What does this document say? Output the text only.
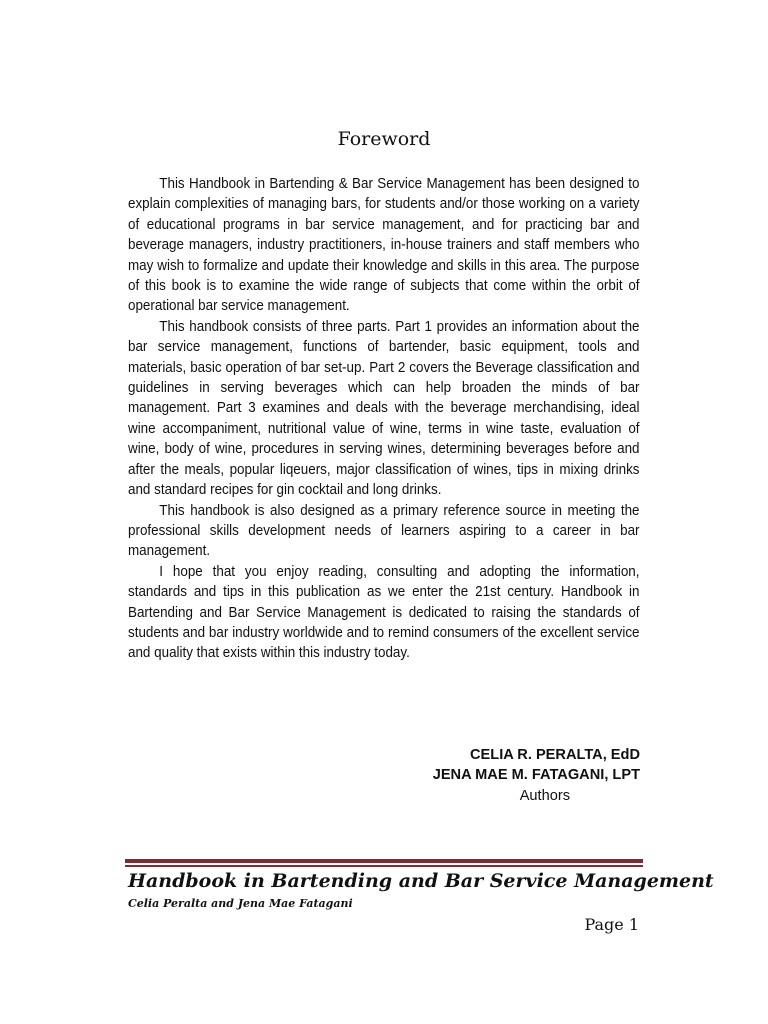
Foreword

This Handbook in Bartending & Bar Service Management has been designed to explain complexities of managing bars, for students and/or those working on a variety of educational programs in bar service management, and for practicing bar and beverage managers, industry practitioners, in-house trainers and staff members who may wish to formalize and update their knowledge and skills in this area. The purpose of this book is to examine the wide range of subjects that come within the orbit of operational bar service management.

This handbook consists of three parts. Part 1 provides an information about the bar service management, functions of bartender, basic equipment, tools and materials, basic operation of bar set-up. Part 2 covers the Beverage classification and guidelines in serving beverages which can help broaden the minds of bar management. Part 3 examines and deals with the beverage merchandising, ideal wine accompaniment, nutritional value of wine, terms in wine taste, evaluation of wine, body of wine, procedures in serving wines, determining beverages before and after the meals, popular liqeuers, major classification of wines, tips in mixing drinks and standard recipes for gin cocktail and long drinks.

This handbook is also designed as a primary reference source in meeting the professional skills development needs of learners aspiring to a career in bar management.

I hope that you enjoy reading, consulting and adopting the information, standards and tips in this publication as we enter the 21st century. Handbook in Bartending and Bar Service Management is dedicated to raising the standards of students and bar industry worldwide and to remind consumers of the excellent service and quality that exists within this industry today.

CELIA R. PERALTA, EdD
JENA MAE M. FATAGANI, LPT
Authors
Handbook in Bartending and Bar Service Management
Celia Peralta and Jena Mae Fatagani
Page 1
